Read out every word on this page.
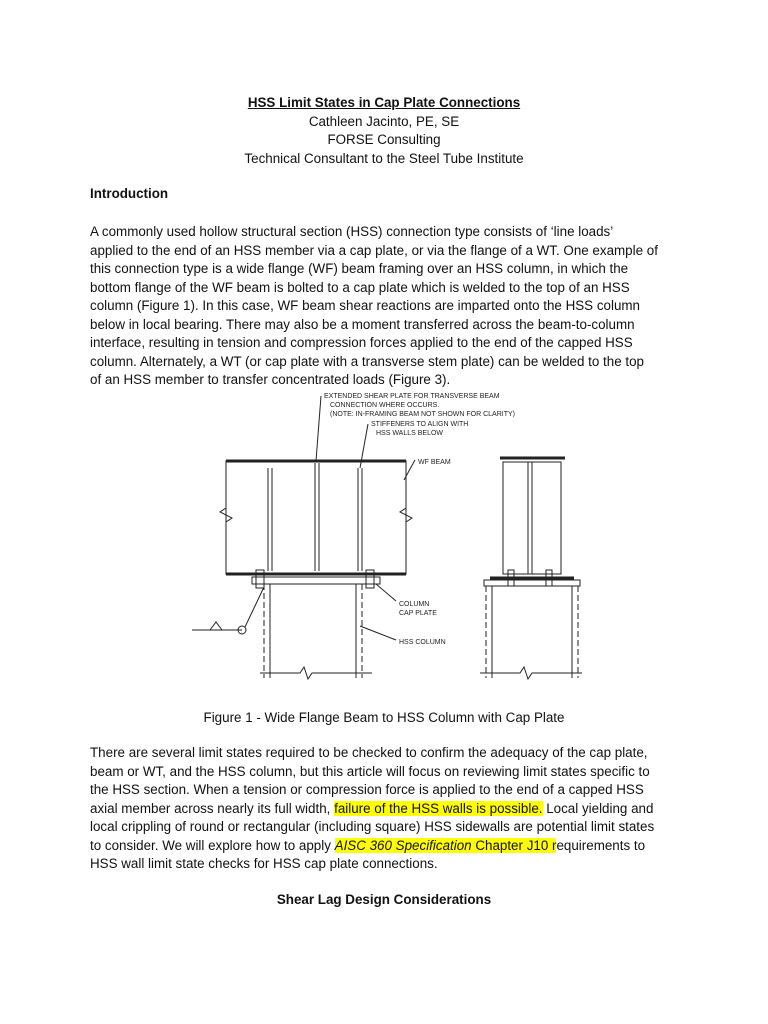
HSS Limit States in Cap Plate Connections
Cathleen Jacinto, PE, SE
FORSE Consulting
Technical Consultant to the Steel Tube Institute
Introduction
A commonly used hollow structural section (HSS) connection type consists of ‘line loads’
applied to the end of an HSS member via a cap plate, or via the flange of a WT. One example of
this connection type is a wide flange (WF) beam framing over an HSS column, in which the
bottom flange of the WF beam is bolted to a cap plate which is welded to the top of an HSS
column (Figure 1). In this case, WF beam shear reactions are imparted onto the HSS column
below in local bearing. There may also be a moment transferred across the beam-to-column
interface, resulting in tension and compression forces applied to the end of the capped HSS
column. Alternately, a WT (or cap plate with a transverse stem plate) can be welded to the top
of an HSS member to transfer concentrated loads (Figure 3).
EXTENDED SHEAR PLATE FOR TRANSVERSE BEAM
CONNECTION WHERE OCCURS.
(NOTE: IN-FRAMING BEAM NOT SHOWN FOR CLARITY)
STIFFENERS TO ALIGN WITH
HSS WALLS BELOW
WF BEAM
COLUMN
CAP PLATE
HSS COLUMN
Figure 1 - Wide Flange Beam to HSS Column with Cap Plate
There are several limit states required to be checked to confirm the adequacy of the cap plate,
beam or WT, and the HSS column, but this article will focus on reviewing limit states specific to
the HSS section. When a tension or compression force is applied to the end of a capped HSS
axial member across nearly its full width, failure of the HSS walls is possible. Local yielding and
local crippling of round or rectangular (including square) HSS sidewalls are potential limit states
to consider. We will explore how to apply AISC 360 Specification Chapter J10 requirements to
HSS wall limit state checks for HSS cap plate connections.
Shear Lag Design Considerations
